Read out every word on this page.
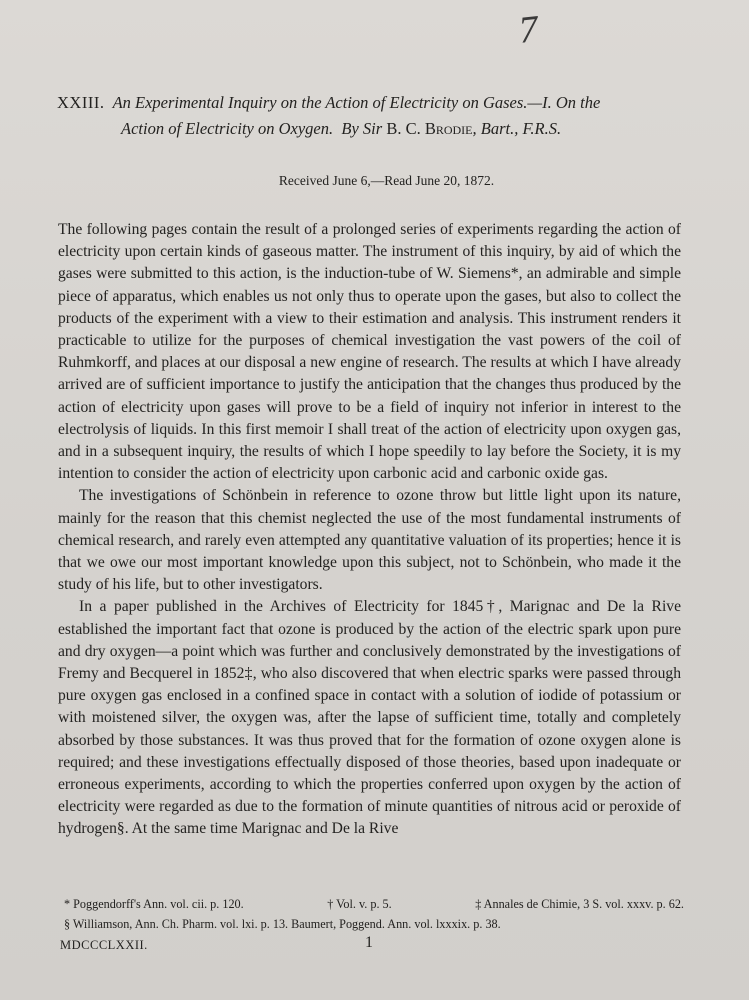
7
XXIII. An Experimental Inquiry on the Action of Electricity on Gases.—I. On the
Action of Electricity on Oxygen. By Sir B. C. Brodie, Bart., F.R.S.
Received June 6,—Read June 20, 1872.

The following pages contain the result of a prolonged series of experiments regarding the action of electricity upon certain kinds of gaseous matter. The instrument of this inquiry, by aid of which the gases were submitted to this action, is the induction-tube of W. Siemens*, an admirable and simple piece of apparatus, which enables us not only thus to operate upon the gases, but also to collect the products of the experiment with a view to their estimation and analysis. This instrument renders it practicable to utilize for the purposes of chemical investigation the vast powers of the coil of Ruhmkorff, and places at our disposal a new engine of research. The results at which I have already arrived are of sufficient importance to justify the anticipation that the changes thus produced by the action of electricity upon gases will prove to be a field of inquiry not inferior in interest to the electrolysis of liquids. In this first memoir I shall treat of the action of electricity upon oxygen gas, and in a subsequent inquiry, the results of which I hope speedily to lay before the Society, it is my intention to consider the action of electricity upon carbonic acid and carbonic oxide gas.

The investigations of Schönbein in reference to ozone throw but little light upon its nature, mainly for the reason that this chemist neglected the use of the most fundamental instruments of chemical research, and rarely even attempted any quantitative valuation of its properties; hence it is that we owe our most important knowledge upon this subject, not to Schönbein, who made it the study of his life, but to other investigators.

In a paper published in the Archives of Electricity for 1845†, Marignac and De la Rive established the important fact that ozone is produced by the action of the electric spark upon pure and dry oxygen—a point which was further and conclusively demonstrated by the investigations of Fremy and Becquerel in 1852‡, who also discovered that when electric sparks were passed through pure oxygen gas enclosed in a confined space in contact with a solution of iodide of potassium or with moistened silver, the oxygen was, after the lapse of sufficient time, totally and completely absorbed by those substances. It was thus proved that for the formation of ozone oxygen alone is required; and these investigations effectually disposed of those theories, based upon inadequate or erroneous experiments, according to which the properties conferred upon oxygen by the action of electricity were regarded as due to the formation of minute quantities of nitrous acid or peroxide of hydrogen§. At the same time Marignac and De la Rive

* Poggendorff's Ann. vol. cii. p. 120.	† Vol. v. p. 5.	‡ Annales de Chimie, 3 S. vol. xxxv. p. 62.
§ Williamson, Ann. Ch. Pharm. vol. lxi. p. 13. Baumert, Poggend. Ann. vol. lxxxix. p. 38.
MDCCCLXXII.	1
